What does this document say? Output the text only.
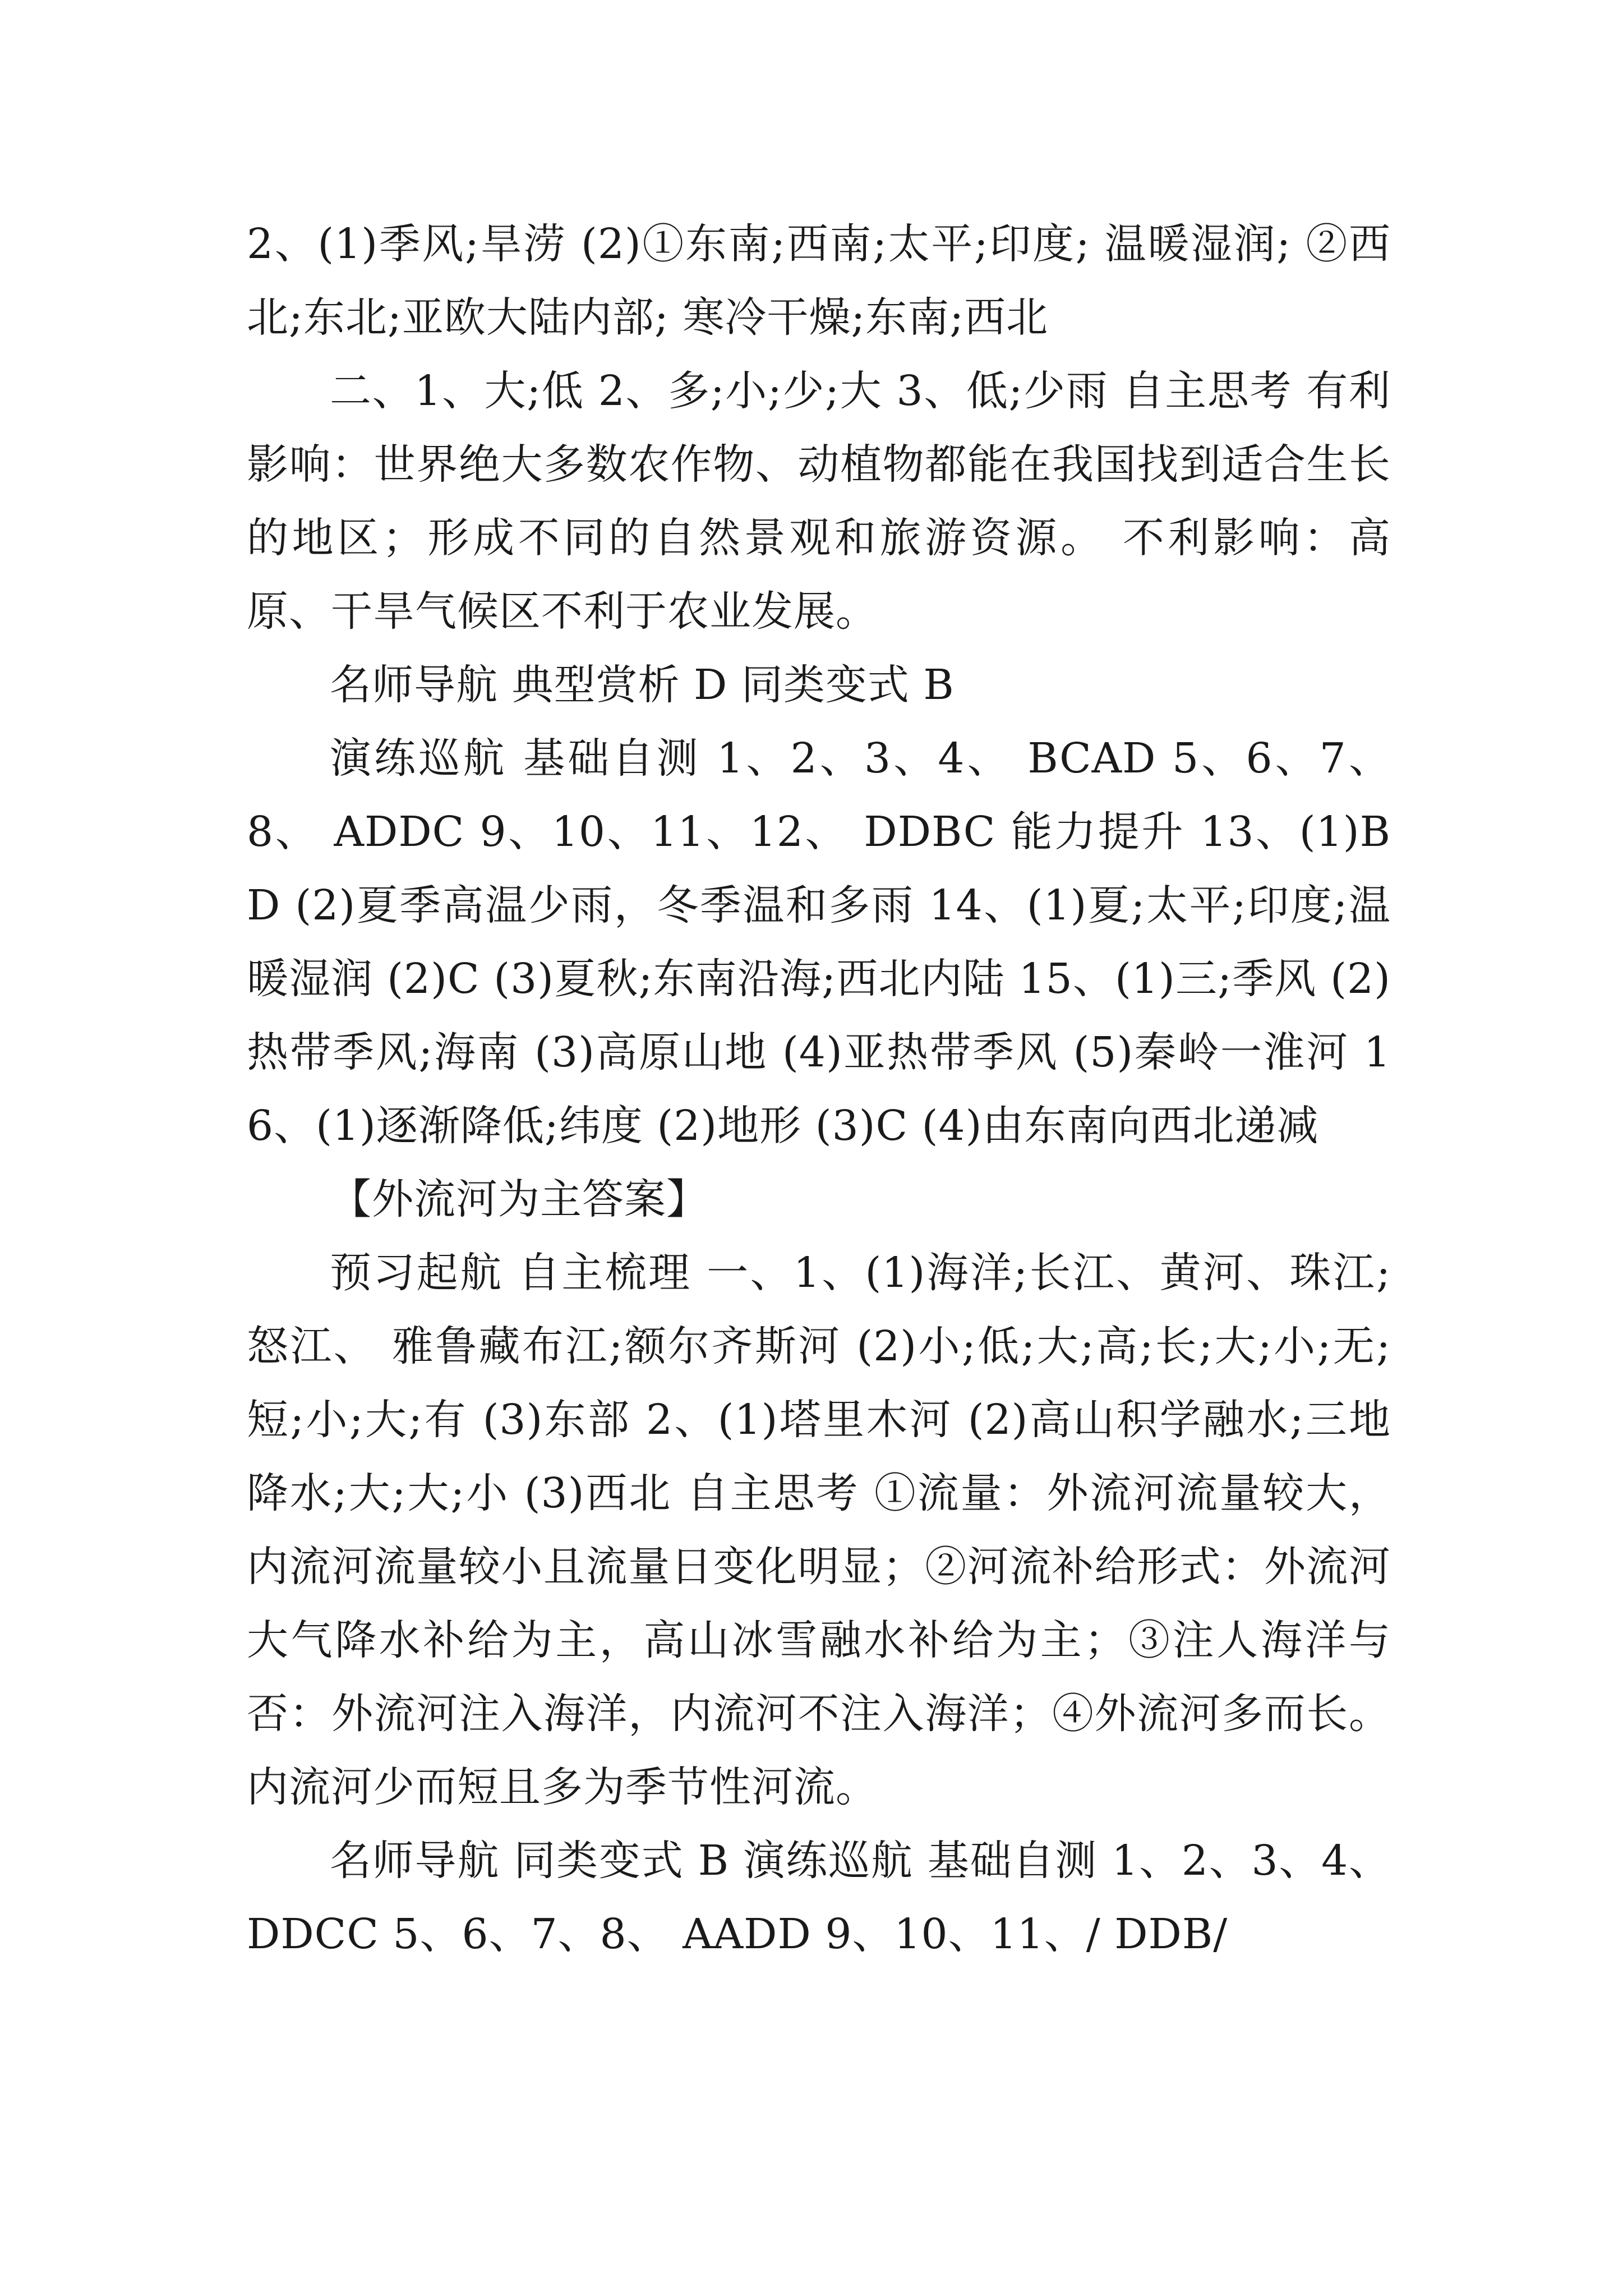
2、(1)季风;旱涝 (2)①东南;西南;太平;印度; 温暖湿润; ②西北;东北;亚欧大陆内部; 寒冷干燥;东南;西北

二、1、大;低 2、多;小;少;大 3、低;少雨 自主思考 有利影响：世界绝大多数农作物、动植物都能在我国找到适合生长的地区；形成不同的自然景观和旅游资源。 不利影响：高原、干旱气候区不利于农业发展。

名师导航 典型赏析 D 同类变式 B

演练巡航 基础自测 1、2、3、4、 BCAD 5、6、7、8、 ADDC 9、10、11、12、 DDBC 能力提升 13、(1)BD (2)夏季高温少雨，冬季温和多雨 14、(1)夏;太平;印度;温暖湿润 (2)C (3)夏秋;东南沿海;西北内陆 15、(1)三;季风 (2)热带季风;海南 (3)高原山地 (4)亚热带季风 (5)秦岭一淮河 16、(1)逐渐降低;纬度 (2)地形 (3)C (4)由东南向西北递减

【外流河为主答案】

预习起航 自主梳理 一、1、(1)海洋;长江、黄河、珠江;怒江、 雅鲁藏布江;额尔齐斯河 (2)小;低;大;高;长;大;小;无; 短;小;大;有 (3)东部 2、(1)塔里木河 (2)高山积学融水;三地降水;大;大;小 (3)西北 自主思考 ①流量：外流河流量较大，内流河流量较小且流量日变化明显；②河流补给形式：外流河大气降水补给为主，高山冰雪融水补给为主；③注人海洋与否：外流河注入海洋，内流河不注入海洋；④外流河多而长。内流河少而短且多为季节性河流。

名师导航 同类变式 B 演练巡航 基础自测 1、2、3、4、 DDCC 5、6、7、8、 AADD 9、10、11、/ DDB/
